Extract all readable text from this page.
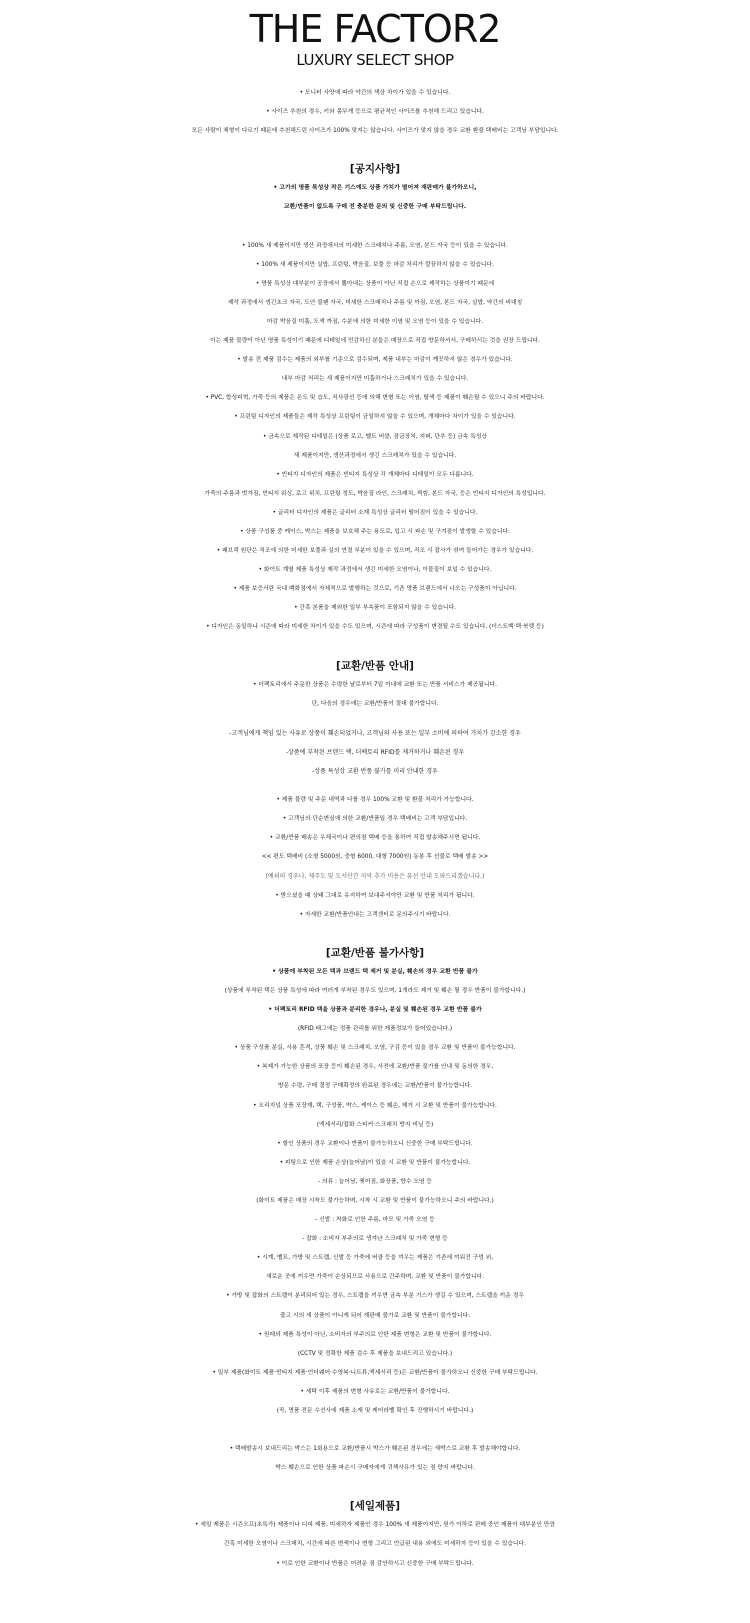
THE FACTOR2
LUXURY SELECT SHOP
• 모니터 사양에 따라 약간의 색상 차이가 있을 수 있습니다.
• 사이즈 추천의 경우, 키와 몸무게 등으로 평균적인 사이즈를 추천해 드리고 있습니다.
모든 사람이 체형이 다르기 때문에 추천해드린 사이즈가 100% 맞지는 않습니다. 사이즈가 맞지 않을 경우 교환 환불 택배비는 고객님 부담입니다.
[공지사항]
• 고가의 명품 특성상 작은 기스에도 상품 가치가 떨어져 재판매가 불가하오니,
교환/반품이 없도록 구매 전 충분한 문의 및 신중한 구매 부탁드립니다.
• 100% 새 제품이지만 생산 과정에서의 미세한 스크래치나 주름, 오염, 본드 자국 등이 있을 수 있습니다.
• 100% 새 제품이지만 실밥, 프린팅, 박음질, 보풀 등 마감 처리가 깔끔하지 않을 수 있습니다.
• 명품 특성상 대부분이 공장에서 뽑아내는 상품이 아닌 직접 손으로 제작하는 상품이기 때문에
제작 과정에서 생긴초크 자국, 도안 불펜 자국, 미세한 스크래치나 주름 및 까짐, 오염, 본드 자국, 실밥, 약간의 비대칭
마감 박음질 미흡, 도색 까짐, 수분에 의한 미세한 이염 및 오염 등이 있을 수 있습니다.
이는 제품 불량이 아닌 명품 특성이기 때문에 디테일에 민감하신 분들은 매장으로 직접 방문하셔서, 구매하시는 것을 권장 드립니다.
• 발송 전 제품 검수는 제품의 외부를 기준으로 검수되며, 제품 내부는 마감이 깨끗하지 않은 경우가 있습니다.
내부 마감 처리는 새 제품이지만 미흡하거나 스크래치가 있을 수 있습니다.
• PVC, 합성피혁, 가죽 등의 제품은 온도 및 습도, 직사광선 등에 의해 변형 또는 이염, 탈색 등 제품이 훼손될 수 있으니 주의 바랍니다.
• 프린팅 디자인의 제품들은 제작 특성상 프린팅이 균일하지 않을 수 있으며, 개체마다 차이가 있을 수 있습니다.
• 금속으로 제작된 디테일은 (상품 로고, 벨트 버클, 잠금장치, 지퍼, 단추 등) 금속 특성상
새 제품이지만, 생산과정에서 생긴 스크레치가 있을 수 있습니다.
• 빈티지 디자인의 제품은 빈티지 특성상 각 개체마다 디테일이 모두 다릅니다.
가죽의 주름과 벗겨짐, 빈티지 워싱, 로고 위치, 프린팅 정도, 박음질 라인, 스크래치, 찍힘, 본드 자국, 등은 빈티지 디자인의 특성입니다.
• 글리터 디자인의 제품은 글리터 소재 특성상 글리터 떨어짐이 있을 수 있습니다.
• 상품 구성품 중 케이스, 박스는 제품을 보호해 주는 용도로, 입고 시 파손 및 구겨짐이 발생할 수 있습니다.
• 패브릭 원단은 직조에 의한 미세한 보풀과 실의 연결 부분이 있을 수 있으며, 직조 시 잡사가 섞여 들어가는 경우가 있습니다.
• 화이트 계열 제품 특성상 제작 과정에서 생긴 미세한 오염이나, 이물질이 보일 수 있습니다.
• 제품 보증서란 국내 백화점에서 자체적으로 발행하는 것으로, 기존 명품 브랜드에서 나오는 구성품이 아닙니다.
• 간혹 본품을 제외한 일부 부속품이 포함되지 않을 수 있습니다.
• 디자인은 동일하나 시즌에 따라 미세한 차이가 있을 수도 있으며, 시즌에 따라 구성품이 변경될 수도 있습니다. (더스트백·택·북렛 등)
[교환/반품 안내]
• 더팩토리에서 주문한 상품은 수령한 날로부터 7일 이내에 교환 또는 반품 서비스가 제공됩니다.
단, 다음의 경우에는 교환/반품이 절대 불가합니다.
-고객님에게 책임 있는 사유로 상품이 훼손되었거나, 고객님의 사용 또는 일부 소비에 의하여 가치가 감소한 경우
-상품에 부착된 브랜드 택, 더팩토리 RFID를 제거하거나 훼손된 경우
-상품 특성상 교환 반품 불가를 미리 안내한 경우
• 제품 불량 및 주문 내역과 다를 경우 100% 교환 및 환불 처리가 가능합니다.
• 고객님의 단순변심에 의한 교환/반품일 경우 택배비는 고객 부담입니다.
• 교환/반품 배송은 우체국이나 편의점 택배 등을 통하여 직접 발송해주시면 됩니다.
<< 편도 택배비 (소형 5000원, 중형 6000, 대형 7000원) 동봉 후 선불로 택배 발송 >>
(예외의 경우나, 제주도 및 도서산간 지역 추가 비용은 유선 안내 도와드리겠습니다.)
• 받으셨을 때 상태 그대로 유지하여 보내주셔야만 교환 및 반품 처리가 됩니다.
• 자세한 교환/반품안내는 고객센터로 문의주시기 바랍니다.
[교환/반품 불가사항]
• 상품에 부착된 모든 택과 브랜드 택 제거 및 분실, 훼손의 경우 교환 반품 불가
(상품에 부착된 택은 상품 특성에 따라 여러개 부착된 경우도 있으며, 1개라도 제거 및 훼손 될 경우 반품이 불가합니다.)
• 더팩토리 RFID 택을 상품과 분리한 경우나, 분실 및 훼손된 경우 교환 반품 불가
(RFID 태그에는 정품 관리를 위한 제품정보가 들어있습니다.)
• 상품 구성품 분실, 사용 흔적, 상품 훼손 및 스크래치, 오염, 구김 등이 있을 경우 교환 및 반품이 불가능합니다.
• 복제가 가능한 상품의 포장 등이 훼손된 경우, 사전에 교환/반품 불가를 안내 및 동의한 경우,
방문 수령, 구매 결정 구매확정의 완료된 경우에는 교환/반품이 불가능합니다.
• 오리지널 상품 포장재, 택, 구성품, 박스, 케이스 등 훼손, 제거 시 교환 및 반품이 불가능합니다.
(액세서리/잡화 스티커·스크래치 방지 비닐 등)
• 할인 상품의 경우 교환이나 반품이 불가능하오니 신중한 구매 부탁드립니다.
• 피팅으로 인한 제품 손상(늘어남)이 있을 시 교환 및 반품이 불가능합니다.
- 의류 : 늘어남, 찢어짐, 화장품, 향수 오염 등
(화이트 제품은 매장 시착도 불가능하며, 시착 시 교환 및 반품이 불가능하오니 주의 바랍니다.)
- 신발 : 착화로 인한 주름, 마모 및 가죽 오염 등
- 잡화 : 소비자 부주의로 생겨난 스크래치 및 가죽 변형 등
• 시계, 벨트, 가방 및 스트랩, 신발 등 가죽에 버클 등을 끼우는 제품은 기존에 끼워진 구멍 외,
새로운 곳에 끼우면 가죽이 손상되므로 사용으로 간주하며, 교환 및 반품이 불가합니다.
• 가방 및 잡화의 스트랩이 분리되어 있는 경우, 스트랩을 끼우면 금속 부분 기스가 생길 수 있으며, 스트랩을 끼운 경우
출고 시의 새 상품이 아니게 되어 재판매 불가로 교환 및 반품이 불가합니다.
• 원래의 제품 특성이 아닌, 소비자의 부주의로 인한 제품 변형은 교환 및 반품이 불가합니다.
(CCTV 및 정확한 제품 검수 후 제품을 보내드리고 있습니다.)
• 일부 제품(화이트 제품·빈티지 제품·언더웨어·수영복·니트류,액세서리 등)은 교환/반품이 불가하오니 신중한 구매 부탁드립니다.
• 세탁 이후 제품의 변형 사유로는 교환/반품이 불가합니다.
(꼭, 명품 전문 수선사에 제품 소재 및 케어라벨 확인 후 진행하시기 바랍니다.)
• 택배발송시 보내드리는 박스는 1회용으로 교환/반품시 박스가 훼손된 경우에는 새박스로 교환 후 발송해야합니다.
박스 훼손으로 인한 상품 파손시 구매자에게 귀책사유가 있는 점 양지 바랍니다.
[세일제품]
• 세일 제품은 시즌오프(초특가) 제품이나 디피 제품, 미세하자 제품인 경우 100% 새 제품이지만, 원가 이하로 판매 중인 제품이 대부분인 만큼
간혹 미세한 오염이나 스크래치, 시간에 따른 변색이나 변형 그리고 언급된 내용 외에도 미세하자 등이 있을 수 있습니다.
• 이로 인한 교환이나 반품은 어려운 점 감안하시고 신중한 구매 부탁드립니다.
